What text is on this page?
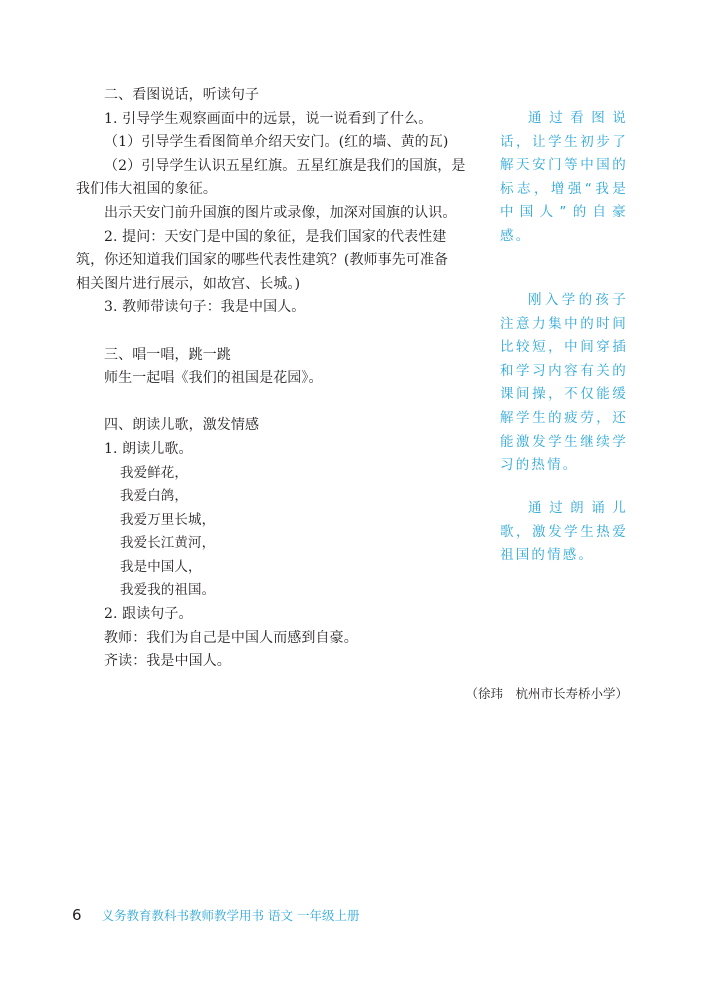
二、看图说话，听读句子

1. 引导学生观察画面中的远景，说一说看到了什么。

（1）引导学生看图简单介绍天安门。(红的墙、黄的瓦)

（2）引导学生认识五星红旗。五星红旗是我们的国旗，是

我们伟大祖国的象征。

出示天安门前升国旗的图片或录像，加深对国旗的认识。

2. 提问：天安门是中国的象征，是我们国家的代表性建

筑，你还知道我们国家的哪些代表性建筑？(教师事先可准备

相关图片进行展示，如故宫、长城。)

3. 教师带读句子：我是中国人。

三、唱一唱，跳一跳

师生一起唱《我们的祖国是花园》。

四、朗读儿歌，激发情感

1. 朗读儿歌。

我爱鲜花，

我爱白鸽，

我爱万里长城，

我爱长江黄河，

我是中国人，

我爱我的祖国。

2. 跟读句子。

教师：我们为自己是中国人而感到自豪。

齐读：我是中国人。

通过看图说话，让学生初步了解天安门等中国的标志，增强“我是中国人”的自豪感。

刚入学的孩子注意力集中的时间比较短，中间穿插和学习内容有关的课间操，不仅能缓解学生的疲劳，还能激发学生继续学习的热情。

通过朗诵儿歌，激发学生热爱祖国的情感。

（徐玮　杭州市长寿桥小学）
6 义务教育教科书教师教学用书 语文 一年级上册
